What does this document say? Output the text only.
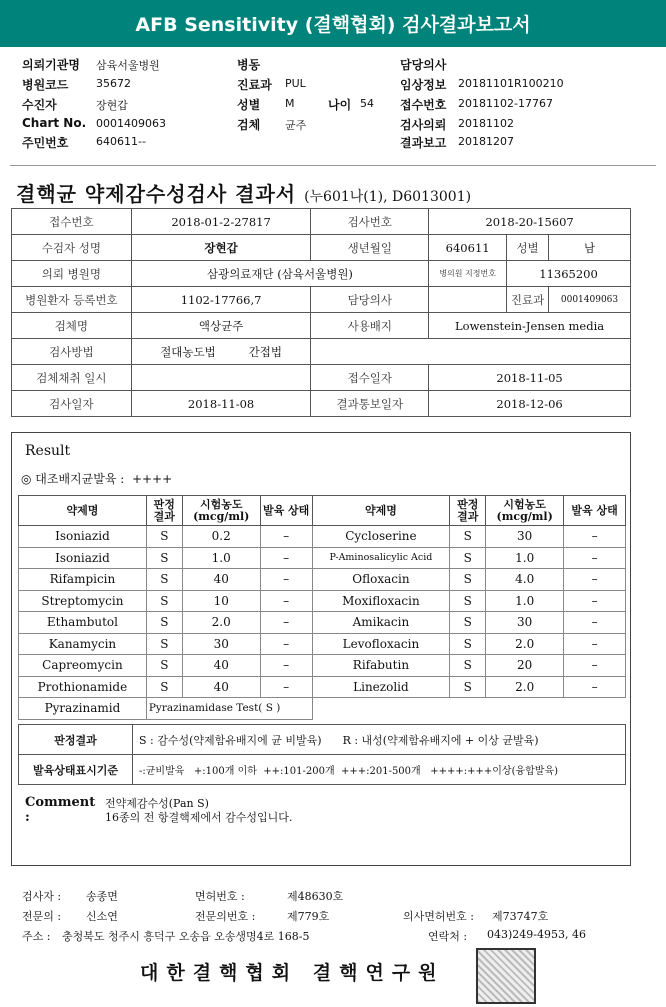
AFB Sensitivity (결핵협회) 검사결과보고서
의뢰기관명 삼육서울병원
병원코드	35672
수진자	장현갑
Chart No. 0001409063
주민번호	640611--
병동
진료과 PUL
성별 M	나이 54
검체 균주
담당의사
임상정보 20181101R100210
접수번호 20181102-17767
검사의뢰 20181102
결과보고 20181207
결핵균 약제감수성검사 결과서 (누601나(1), D6013001)
접수번호	2018-01-2-27817	검사번호	2018-20-15607		
수검자 성명	장현갑	생년월일	640611	성별	남
의뢰 병원명	삼광의료재단 (삼육서울병원)		병의원 지정번호	11365200	
병원환자 등록번호	1102-17766,7	담당의사		진료과	0001409063
검체명	액상균주	사용배지	Lowenstein-Jensen media		
검사방법	절대농도법 간접법				
검체채취 일시		접수일자	2018-11-05		
검사일자	2018-11-08	결과통보일자	2018-12-06		
Result
◎ 대조배지균발육 : ++++
약제명	판정 결과	시험농도 (mcg/ml)	발육 상태	약제명	판정 결과	시험농도 (mcg/ml)	발육 상태
Isoniazid	S	0.2	–	Cycloserine	S	30	–
Isoniazid	S	1.0	–	P-Aminosalicylic Acid	S	1.0	–
Rifampicin	S	40	–	Ofloxacin	S	4.0	–
Streptomycin	S	10	–	Moxifloxacin	S	1.0	–
Ethambutol	S	2.0	–	Amikacin	S	30	–
Kanamycin	S	30	–	Levofloxacin	S	2.0	–
Capreomycin	S	40	–	Rifabutin	S	20	–
Prothionamide	S	40	–	Linezolid	S	2.0	–
Pyrazinamid	Pyrazinamidase Test( S )						
판정결과	S : 감수성(약제함유배지에 균 비발육) R : 내성(약제함유배지에 + 이상 균발육)
발육상태표시기준	-:균비발육   +:100개 이하  ++:101-200개  +++:201-500개   ++++:+++이상(융합발육)
Comment :
전약제감수성(Pan S)
16종의 전 항결핵제에서 감수성입니다.
검사자 : 송종면	면허번호 :	제48630호
전문의 : 신소연	전문의번호 :	제779호	의사면허번호 : 제73747호
주소 : 충청북도 청주시 흥덕구 오송읍 오송생명4로 168-5	연락처 : 043)249-4953, 46
대한결핵협회 결핵연구원
